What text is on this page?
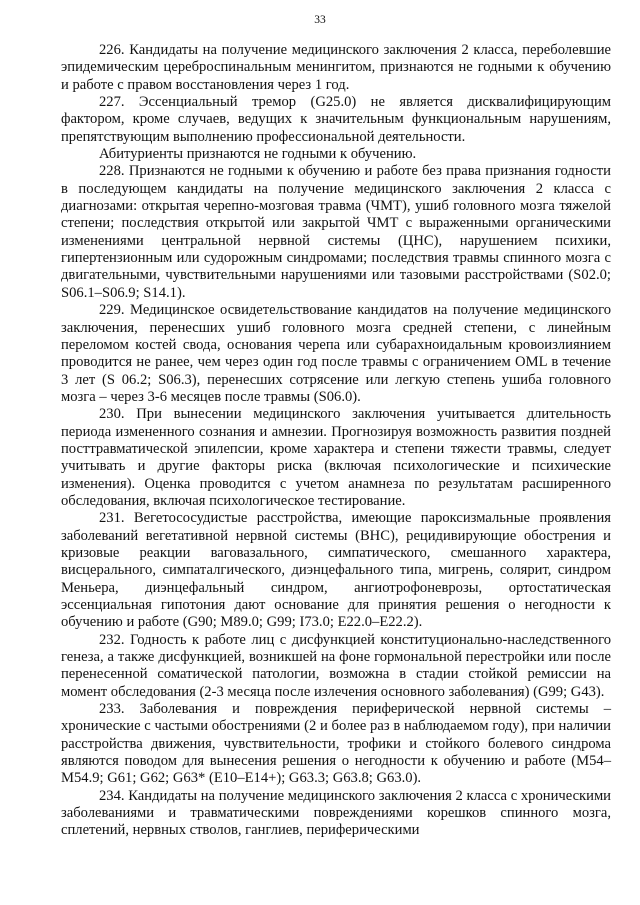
33

226. Кандидаты на получение медицинского заключения 2 класса, переболевшие эпидемическим цереброспинальным менингитом, признаются не годными к обучению и работе с правом восстановления через 1 год.

227. Эссенциальный тремор (G25.0) не является дисквалифицирующим фактором, кроме случаев, ведущих к значительным функциональным нарушениям, препятствующим выполнению профессиональной деятельности.

Абитуриенты признаются не годными к обучению.

228. Признаются не годными к обучению и работе без права признания годности в последующем кандидаты на получение медицинского заключения 2 класса с диагнозами: открытая черепно-мозговая травма (ЧМТ), ушиб головного мозга тяжелой степени; последствия открытой или закрытой ЧМТ с выраженными органическими изменениями центральной нервной системы (ЦНС), нарушением психики, гипертензионным или судорожным синдромами; последствия травмы спинного мозга с двигательными, чувствительными нарушениями или тазовыми расстройствами (S02.0; S06.1–S06.9; S14.1).

229. Медицинское освидетельствование кандидатов на получение медицинского заключения, перенесших ушиб головного мозга средней степени, с линейным переломом костей свода, основания черепа или субарахноидальным кровоизлиянием проводится не ранее, чем через один год после травмы с ограничением OML в течение 3 лет (S 06.2; S06.3), перенесших сотрясение или легкую степень ушиба головного мозга – через 3-6 месяцев после травмы (S06.0).

230. При вынесении медицинского заключения учитывается длительность периода измененного сознания и амнезии. Прогнозируя возможность развития поздней посттравматической эпилепсии, кроме характера и степени тяжести травмы, следует учитывать и другие факторы риска (включая психологические и психические изменения). Оценка проводится с учетом анамнеза по результатам расширенного обследования, включая психологическое тестирование.

231. Вегетососудистые расстройства, имеющие пароксизмальные проявления заболеваний вегетативной нервной системы (ВНС), рецидивирующие обострения и кризовые реакции ваговазального, симпатического, смешанного характера, висцерального, симпаталгического, диэнцефального типа, мигрень, солярит, синдром Меньера, диэнцефальный синдром, ангиотрофоневрозы, ортостатическая эссенциальная гипотония дают основание для принятия решения о негодности к обучению и работе (G90; M89.0; G99; I73.0; E22.0–E22.2).

232. Годность к работе лиц с дисфункцией конституционально-наследственного генеза, а также дисфункцией, возникшей на фоне гормональной перестройки или после перенесенной соматической патологии, возможна в стадии стойкой ремиссии на момент обследования (2-3 месяца после излечения основного заболевания) (G99; G43).

233. Заболевания и повреждения периферической нервной системы – хронические с частыми обострениями (2 и более раз в наблюдаемом году), при наличии расстройства движения, чувствительности, трофики и стойкого болевого синдрома являются поводом для вынесения решения о негодности к обучению и работе (M54–M54.9; G61; G62; G63* (E10–E14+); G63.3; G63.8; G63.0).

234. Кандидаты на получение медицинского заключения 2 класса с хроническими заболеваниями и травматическими повреждениями корешков спинного мозга, сплетений, нервных стволов, ганглиев, периферическими
